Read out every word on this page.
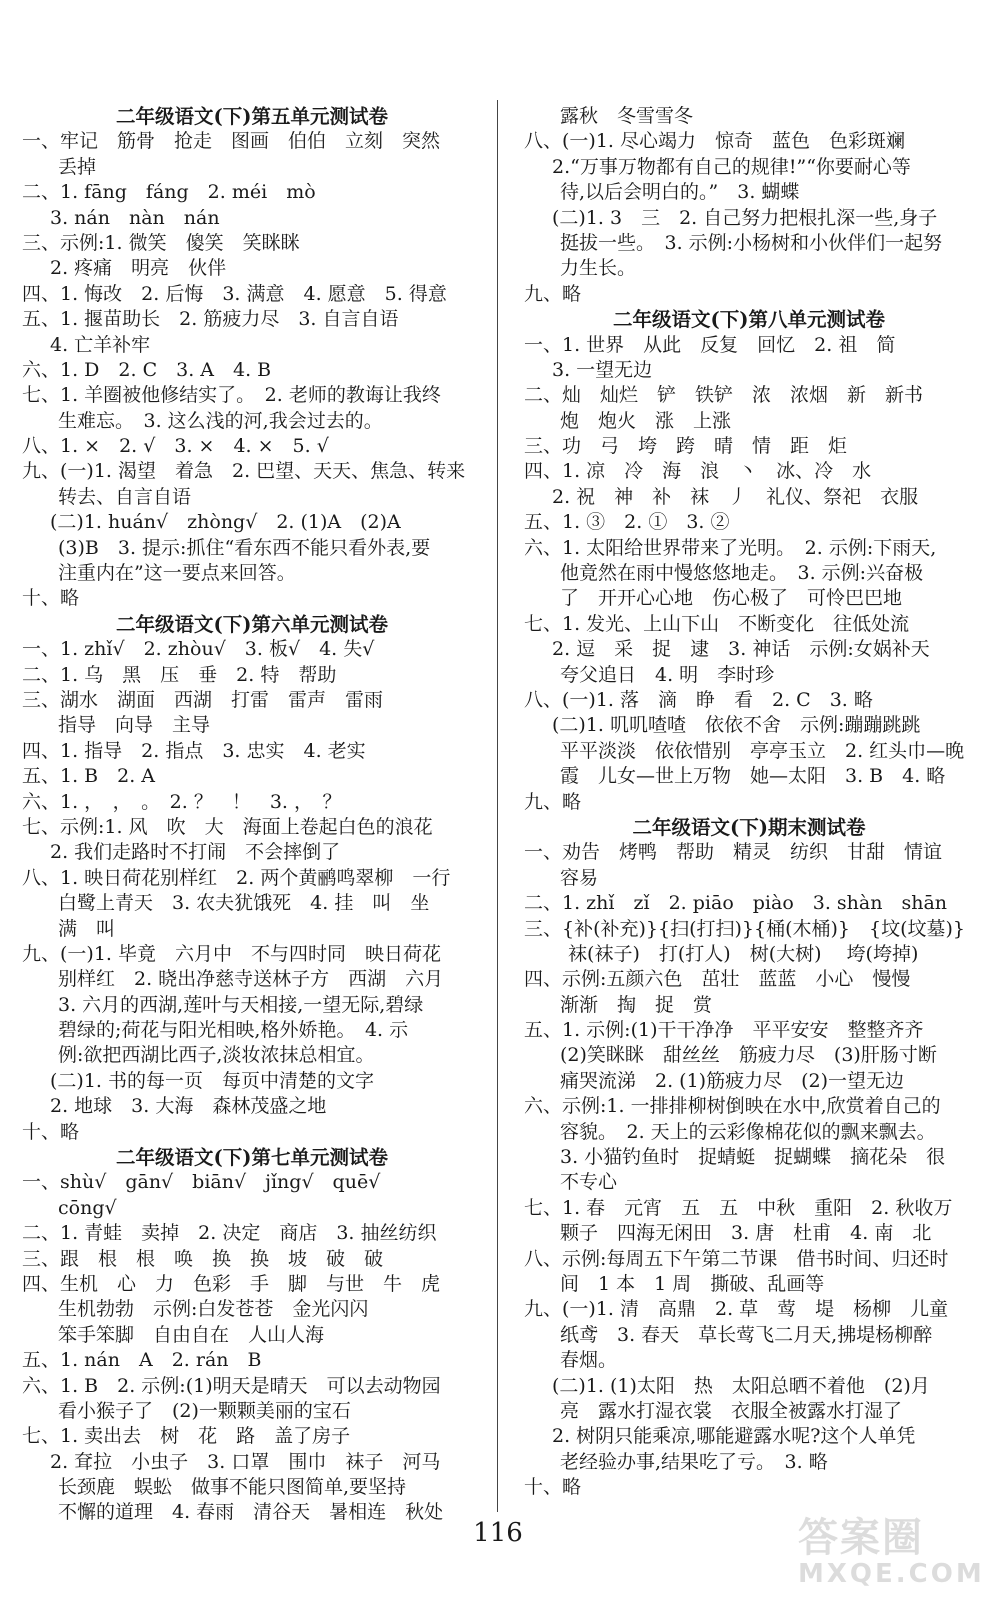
二年级语文(下)第五单元测试卷
一、牢记　筋骨　抢走　图画　伯伯　立刻　突然
丢掉
二、1. fāng　fáng　2. méi　mò
3. nán　nàn　nán
三、示例:1. 微笑　傻笑　笑眯眯
2. 疼痛　明亮　伙伴
四、1. 悔改　2. 后悔　3. 满意　4. 愿意　5. 得意
五、1. 揠苗助长　2. 筋疲力尽　3. 自言自语
4. 亡羊补牢
六、1. D　2. C　3. A　4. B
七、1. 羊圈被他修结实了。　2. 老师的教诲让我终
生难忘。　3. 这么浅的河,我会过去的。
八、1. ×　2. √　3. ×　4. ×　5. √
九、(一)1. 渴望　着急　2. 巴望、天天、焦急、转来
转去、自言自语
(二)1. huán√　zhòng√　2. (1)A　(2)A
(3)B　3. 提示:抓住“看东西不能只看外表,要
注重内在”这一要点来回答。
十、略
二年级语文(下)第六单元测试卷
一、1. zhǐ√　2. zhòu√　3. 板√　4. 失√
二、1. 乌　黑　压　垂　2. 特　帮助
三、湖水　湖面　西湖　打雷　雷声　雷雨
指导　向导　主导
四、1. 指导　2. 指点　3. 忠实　4. 老实
五、1. B　2. A
六、1. ，　，　。　2. ？　！　3. ，　？
七、示例:1. 风　吹　大　海面上卷起白色的浪花
2. 我们走路时不打闹　不会摔倒了
八、1. 映日荷花别样红　2. 两个黄鹂鸣翠柳　一行
白鹭上青天　3. 农夫犹饿死　4. 挂　叫　坐
满　叫
九、(一)1. 毕竟　六月中　不与四时同　映日荷花
别样红　2. 晓出净慈寺送林子方　西湖　六月
3. 六月的西湖,莲叶与天相接,一望无际,碧绿
碧绿的;荷花与阳光相映,格外娇艳。　4. 示
例:欲把西湖比西子,淡妆浓抹总相宜。
(二)1. 书的每一页　每页中清楚的文字
2. 地球　3. 大海　森林茂盛之地
十、略
二年级语文(下)第七单元测试卷
一、shù√　gān√　biān√　jǐng√　quē√
cōng√
二、1. 青蛙　卖掉　2. 决定　商店　3. 抽丝纺织
三、跟　根　根　唤　换　换　坡　破　破
四、生机　心　力　色彩　手　脚　与世　牛　虎
生机勃勃　示例:白发苍苍　金光闪闪
笨手笨脚　自由自在　人山人海
五、1. nán　A　2. rán　B
六、1. B　2. 示例:(1)明天是晴天　可以去动物园
看小猴子了　(2)一颗颗美丽的宝石
七、1. 卖出去　树　花　路　盖了房子
2. 耷拉　小虫子　3. 口罩　围巾　袜子　河马
长颈鹿　蜈蚣　做事不能只图简单,要坚持
不懈的道理　4. 春雨　清谷天　暑相连　秋处
露秋　冬雪雪冬
八、(一)1. 尽心竭力　惊奇　蓝色　色彩斑斓
2.“万事万物都有自己的规律!”“你要耐心等
待,以后会明白的。”　3. 蝴蝶
(二)1. 3　三　2. 自己努力把根扎深一些,身子
挺拔一些。　3. 示例:小杨树和小伙伴们一起努
力生长。
九、略
二年级语文(下)第八单元测试卷
一、1. 世界　从此　反复　回忆　2. 祖　简
3. 一望无边
二、灿　灿烂　铲　铁铲　浓　浓烟　新　新书
炮　炮火　涨　上涨
三、功　弓　垮　跨　晴　情　距　炬
四、1. 凉　冷　海　浪　丶　冰、冷　水
2. 祝　神　补　袜　丿　礼仪、祭祀　衣服
五、1. ③　2. ①　3. ②
六、1. 太阳给世界带来了光明。　2. 示例:下雨天,
他竟然在雨中慢悠悠地走。　3. 示例:兴奋极
了　开开心心地　伤心极了　可怜巴巴地
七、1. 发光、上山下山　不断变化　往低处流
2. 逗　采　捉　逮　3. 神话　示例:女娲补天
夸父追日　4. 明　李时珍
八、(一)1. 落　滴　睁　看　2. C　3. 略
(二)1. 叽叽喳喳　依依不舍　示例:蹦蹦跳跳
平平淡淡　依依惜别　亭亭玉立　2. 红头巾—晚
霞　儿女—世上万物　她—太阳　3. B　4. 略
九、略
二年级语文(下)期末测试卷
一、劝告　烤鸭　帮助　精灵　纺织　甘甜　情谊
容易
二、1. zhǐ　zǐ　2. piāo　piào　3. shàn　shān
三、{补(补充)}{扫(打扫)}{桶(木桶)}　{坟(坟墓)}
　　 袜(袜子)　打(打人)　树(大树)　 垮(垮掉)
四、示例:五颜六色　茁壮　蓝蓝　小心　慢慢
渐渐　掏　捉　赏
五、1. 示例:(1)干干净净　平平安安　整整齐齐
(2)笑眯眯　甜丝丝　筋疲力尽　(3)肝肠寸断
痛哭流涕　2. (1)筋疲力尽　(2)一望无边
六、示例:1. 一排排柳树倒映在水中,欣赏着自己的
容貌。　2. 天上的云彩像棉花似的飘来飘去。
3. 小猫钓鱼时　捉蜻蜓　捉蝴蝶　摘花朵　很
不专心
七、1. 春　元宵　五　五　中秋　重阳　2. 秋收万
颗子　四海无闲田　3. 唐　杜甫　4. 南　北
八、示例:每周五下午第二节课　借书时间、归还时
间　1 本　1 周　撕破、乱画等
九、(一)1. 清　高鼎　2. 草　莺　堤　杨柳　儿童
纸鸢　3. 春天　草长莺飞二月天,拂堤杨柳醉
春烟。
(二)1. (1)太阳　热　太阳总晒不着他　(2)月
亮　露水打湿衣裳　衣服全被露水打湿了
2. 树阴只能乘凉,哪能避露水呢?这个人单凭
老经验办事,结果吃了亏。　3. 略
十、略
116	答案圈
MXQE.COM
